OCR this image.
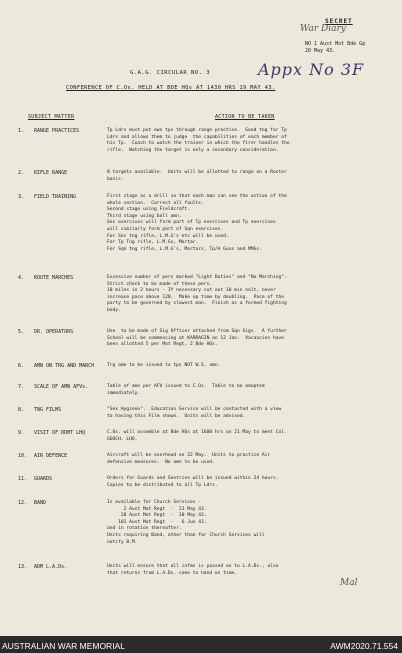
SECRET
War Diary
NO 1 Aust Mot Bde Gp
20 May 43.
Appx No 3F
G.A.G. CIRCULAR NO. 3
CONFERENCE OF C.Os. HELD AT BDE HQs AT 1430 HRS 19 MAY 43.
SUBJECT MATTER	ACTION TO BE TAKEN
1. RANGE PRACTICES	Tp Ldrs must put own tps through range practice.  Good tng for Tp
Ldrs and allows them to judge  the capabilities of each member of
his Tp.  Coach to watch the trainer in which the firer handles the
rifle.  Watching the target is only a secondary consideration.
2. RIFLE RANGE	8 targets available.  Units will be allotted to range on a Roster
basis.
3. FIELD TRAINING	First stage as a drill so that each man can see the action of the
whole section.  Correct all faults.
Second stage using Fieldcraft.
Third stage using ball amn.
Sec exercises will form part of Tp exercises and Tp exercises
will similarly form part of Sqn exercises.
For Sec tng rifle, L.M.G's etc will be used.
For Tp Tng rifle, L.M.Gs, Mortar.
For Sqn tng rifle, L.M.G's, Mortars, Tp/A Guns and MMGs.
4. ROUTE MARCHES	Excessive number of pers marked "Light Duties" and "No Marching".
Strict check to be made of these pers.
10 miles in 2 hours - If necessary cut out 10 min halt, never
increase pace above 120.  Make up time by doubling.  Pace of the
party to be governed by slowest man.  Finish as a formed fighting
body.
5. DR. OPERATORS	Use  to be made of Sig Officer attached from Sqn Sigs.  A further
School will be commencing at KARRAGIN on 12 Jan.  Vacancies have
been allotted 5 per Mot Regt, 2 Bde HQs.
6. AMN ON TRG AND MARCH	Trg amn to be issued to tps NOT W.S. amn.
7. SCALE OF AMN AFVs.	Table of amn per AFV issued to C.Os.  Table to be adopted
immediately.
8. TNG FILMS	"Sex Hygiene".  Education Service will be contacted with a view
to having this Film shown.  Units will be advised.
9. VISIT OF DDMT LHQ	C.Os. will assemble at Bde HQs at 1600 hrs on 21 May to meet Col.
GOOCH, LHQ.
10. AIR DEFENCE	Aircraft will be overhead on 22 May.  Units to practice Air
defensive measures.  No amn to be used.
11. GUARDS	Orders for Guards and Sentries will be issued within 24 hours.
Copies to be distributed to all Tp Ldrs.
12. BAND	Is available for Church Services -
2 Aust Mot Regt  -  23 May 43.
28 Aust Mot Regt  -  30 May 43.
101 Aust Mot Regt  -   6 Jun 43.
and in rotation thereafter.
Units requiring Band, other than for Church Services will
notify B.M.
13. ADM L.A.Ds.	Units will ensure that all infms is passed on to L.A.Ds., also
that returns from L.A.Ds. come to hand on time.
Mal
AUSTRALIAN WAR MEMORIAL	AWM2020.71.554
